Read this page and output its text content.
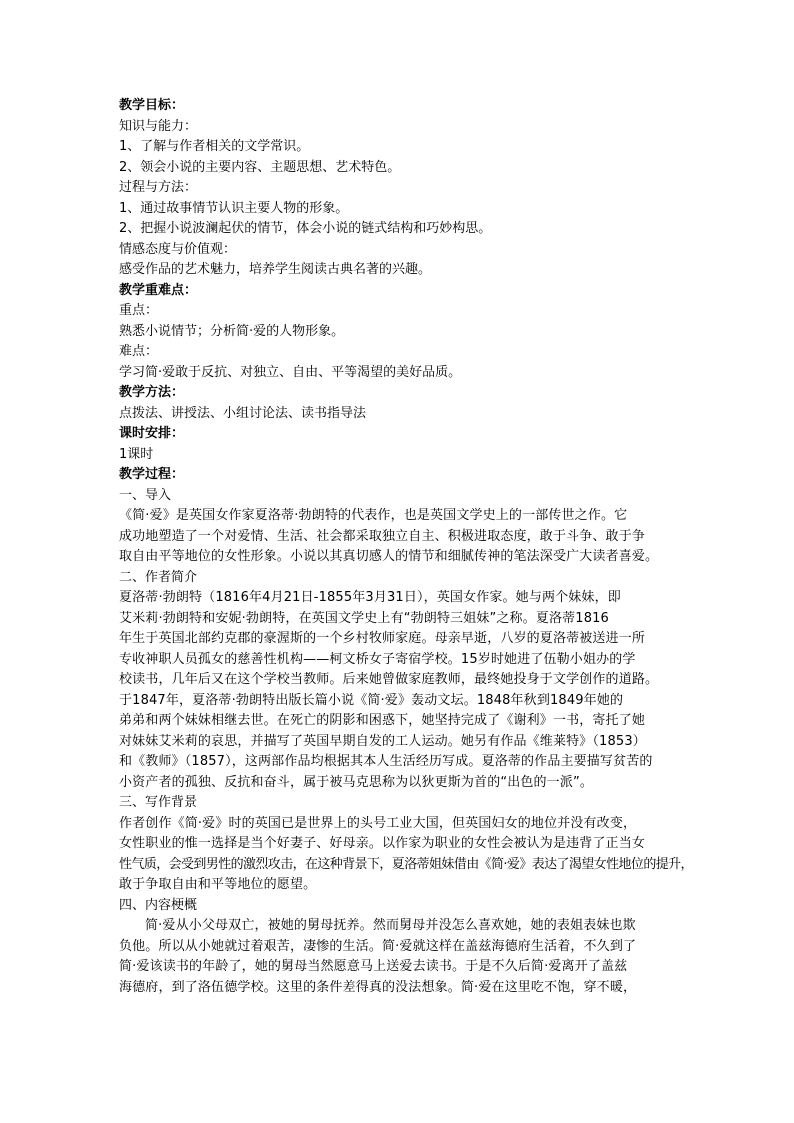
教学目标：
知识与能力：
1、了解与作者相关的文学常识。
2、领会小说的主要内容、主题思想、艺术特色。
过程与方法：
1、通过故事情节认识主要人物的形象。
2、把握小说波澜起伏的情节，体会小说的链式结构和巧妙构思。
情感态度与价值观：
感受作品的艺术魅力，培养学生阅读古典名著的兴趣。
教学重难点：
重点：
熟悉小说情节；分析简·爱的人物形象。
难点：
学习简·爱敢于反抗、对独立、自由、平等渴望的美好品质。
教学方法：
点拨法、讲授法、小组讨论法、读书指导法
课时安排：
1课时
教学过程：
一、导入
《简·爱》是英国女作家夏洛蒂·勃朗特的代表作，也是英国文学史上的一部传世之作。它
成功地塑造了一个对爱情、生活、社会都采取独立自主、积极进取态度，敢于斗争、敢于争
取自由平等地位的女性形象。小说以其真切感人的情节和细腻传神的笔法深受广大读者喜爱。
二、作者简介
夏洛蒂·勃朗特（1816年4月21日-1855年3月31日），英国女作家。她与两个妹妹，即
艾米莉·勃朗特和安妮·勃朗特，在英国文学史上有“勃朗特三姐妹”之称。夏洛蒂1816
年生于英国北部约克郡的豪渥斯的一个乡村牧师家庭。母亲早逝，八岁的夏洛蒂被送进一所
专收神职人员孤女的慈善性机构——柯文桥女子寄宿学校。15岁时她进了伍勒小姐办的学
校读书，几年后又在这个学校当教师。后来她曾做家庭教师，最终她投身于文学创作的道路。
于1847年，夏洛蒂·勃朗特出版长篇小说《简·爱》轰动文坛。1848年秋到1849年她的
弟弟和两个妹妹相继去世。在死亡的阴影和困惑下，她坚持完成了《谢利》一书，寄托了她
对妹妹艾米莉的哀思，并描写了英国早期自发的工人运动。她另有作品《维莱特》（1853）
和《教师》（1857），这两部作品均根据其本人生活经历写成。夏洛蒂的作品主要描写贫苦的
小资产者的孤独、反抗和奋斗，属于被马克思称为以狄更斯为首的“出色的一派”。
三、写作背景
作者创作《简·爱》时的英国已是世界上的头号工业大国，但英国妇女的地位并没有改变，
女性职业的惟一选择是当个好妻子、好母亲。以作家为职业的女性会被认为是违背了正当女
性气质，会受到男性的激烈攻击，在这种背景下，夏洛蒂姐妹借由《简·爱》表达了渴望女性地位的提升，
敢于争取自由和平等地位的愿望。
四、内容梗概
简·爱从小父母双亡，被她的舅母抚养。然而舅母并没怎么喜欢她，她的表姐表妹也欺
负他。所以从小她就过着艰苦，凄惨的生活。简·爱就这样在盖兹海德府生活着，不久到了
简·爱该读书的年龄了，她的舅母当然愿意马上送爱去读书。于是不久后简·爱离开了盖兹
海德府，到了洛伍德学校。这里的条件差得真的没法想象。简·爱在这里吃不饱，穿不暖，
